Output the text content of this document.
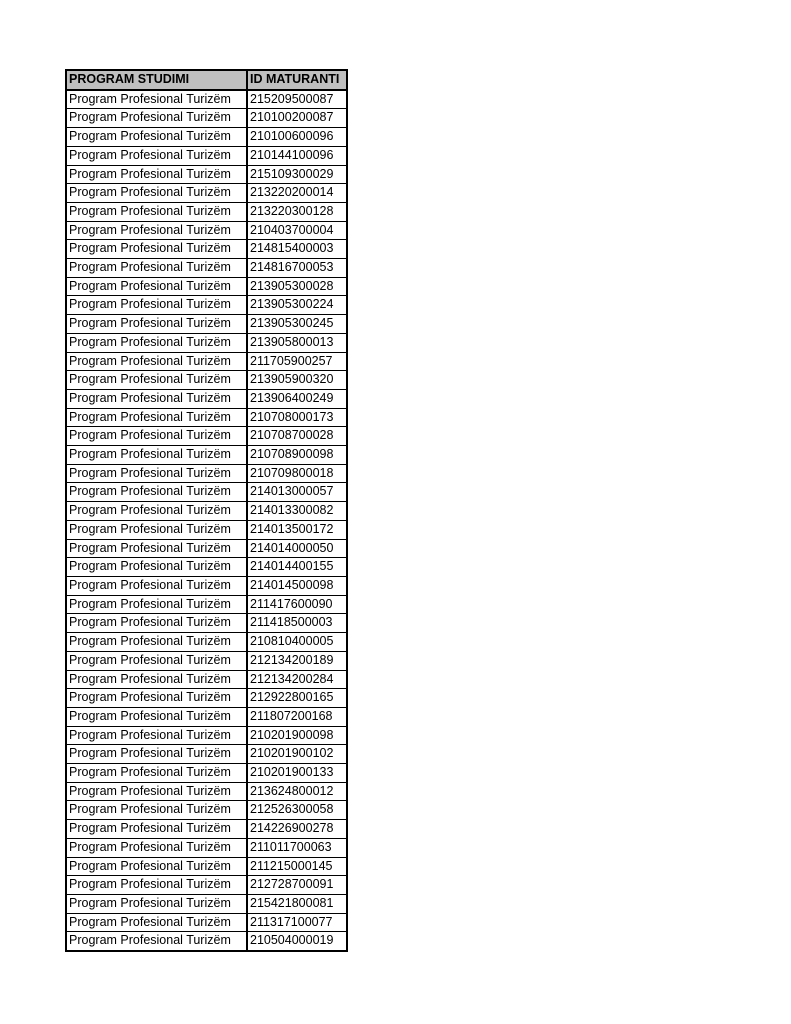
PROGRAM STUDIMI	ID MATURANTI
Program Profesional Turizëm	215209500087
Program Profesional Turizëm	210100200087
Program Profesional Turizëm	210100600096
Program Profesional Turizëm	210144100096
Program Profesional Turizëm	215109300029
Program Profesional Turizëm	213220200014
Program Profesional Turizëm	213220300128
Program Profesional Turizëm	210403700004
Program Profesional Turizëm	214815400003
Program Profesional Turizëm	214816700053
Program Profesional Turizëm	213905300028
Program Profesional Turizëm	213905300224
Program Profesional Turizëm	213905300245
Program Profesional Turizëm	213905800013
Program Profesional Turizëm	211705900257
Program Profesional Turizëm	213905900320
Program Profesional Turizëm	213906400249
Program Profesional Turizëm	210708000173
Program Profesional Turizëm	210708700028
Program Profesional Turizëm	210708900098
Program Profesional Turizëm	210709800018
Program Profesional Turizëm	214013000057
Program Profesional Turizëm	214013300082
Program Profesional Turizëm	214013500172
Program Profesional Turizëm	214014000050
Program Profesional Turizëm	214014400155
Program Profesional Turizëm	214014500098
Program Profesional Turizëm	211417600090
Program Profesional Turizëm	211418500003
Program Profesional Turizëm	210810400005
Program Profesional Turizëm	212134200189
Program Profesional Turizëm	212134200284
Program Profesional Turizëm	212922800165
Program Profesional Turizëm	211807200168
Program Profesional Turizëm	210201900098
Program Profesional Turizëm	210201900102
Program Profesional Turizëm	210201900133
Program Profesional Turizëm	213624800012
Program Profesional Turizëm	212526300058
Program Profesional Turizëm	214226900278
Program Profesional Turizëm	211011700063
Program Profesional Turizëm	211215000145
Program Profesional Turizëm	212728700091
Program Profesional Turizëm	215421800081
Program Profesional Turizëm	211317100077
Program Profesional Turizëm	210504000019
